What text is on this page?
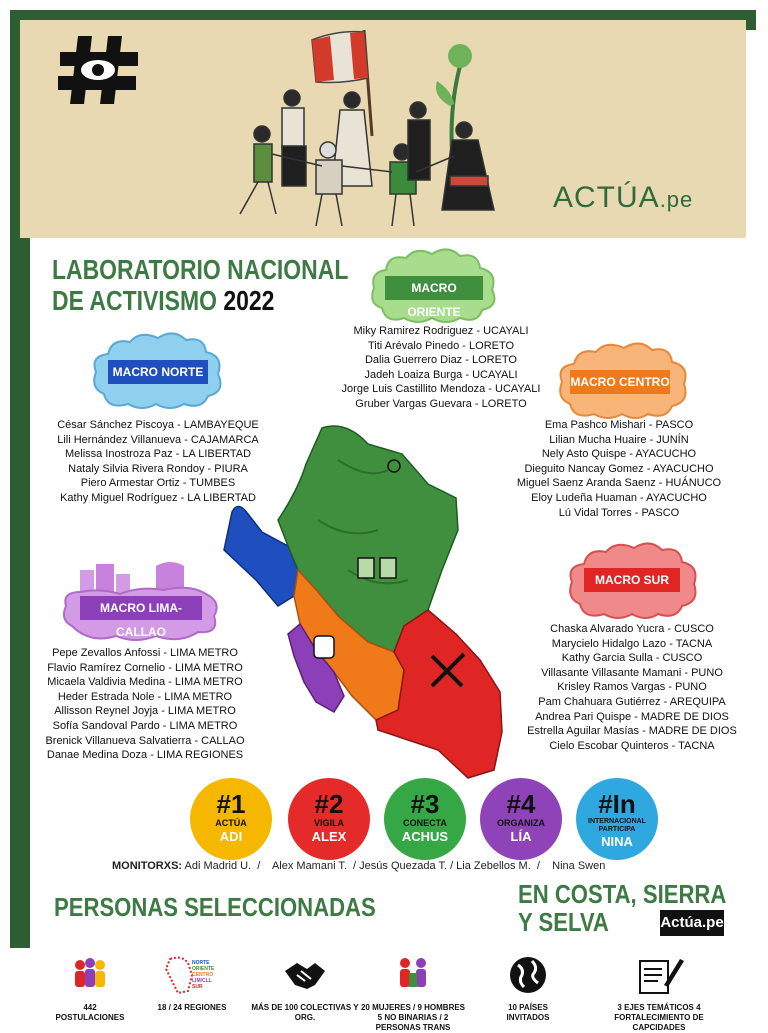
ACTÚA.pe
LABORATORIO NACIONAL
DE ACTIVISMO 2022	MACRO ORIENTE
Miky Ramirez Rodriguez - UCAYALI
Titi Arévalo Pinedo - LORETO
Dalia Guerrero Diaz - LORETO
Jadeh Loaiza Burga - UCAYALI
Jorge Luis Castillito Mendoza - UCAYALI
Gruber Vargas Guevara - LORETO
MACRO NORTE
César Sánchez Piscoya - LAMBAYEQUE
Lili Hernández Villanueva - CAJAMARCA
Melissa Inostroza Paz - LA LIBERTAD
Nataly Silvia Rivera Rondoy - PIURA
Piero Armestar Ortiz - TUMBES
Kathy Miguel Rodríguez - LA LIBERTAD
MACRO CENTRO
Ema Pashco Mishari - PASCO
Lilian Mucha Huaire - JUNÍN
Nely Asto Quispe - AYACUCHO
Dieguito Nancay Gomez - AYACUCHO
Miguel Saenz Aranda Saenz - HUÁNUCO
Eloy Ludeña Huaman - AYACUCHO
Lú Vidal Torres - PASCO
MACRO SUR
Chaska Alvarado Yucra - CUSCO
Marycielo Hidalgo Lazo - TACNA
Kathy Garcia Sulla - CUSCO
Villasante Villasante Mamani - PUNO
Krisley Ramos Vargas - PUNO
Pam Chahuara Gutiérrez - AREQUIPA
Andrea Pari Quispe - MADRE DE DIOS
Estrella Aguilar Masías - MADRE DE DIOS
Cielo Escobar Quinteros - TACNA
MACRO LIMA-CALLAO
Pepe Zevallos Anfossi - LIMA METRO
Flavio Ramírez Cornelio - LIMA METRO
Micaela Valdivia Medina - LIMA METRO
Heder Estrada Nole - LIMA METRO
Allisson Reynel Joyja - LIMA METRO
Sofía Sandoval Pardo - LIMA METRO
Brenick Villanueva Salvatierra - CALLAO
Danae Medina Doza - LIMA REGIONES
#1
ACTÚA
ADI
#2
VIGILA
ALEX
#3
CONECTA
ACHUS
#4
ORGANIZA
LÍA
#In
INTERNACIONAL PARTICIPA
NINA
MONITORXS: Adi Madrid U.  /    Alex Mamani T.  / Jesús Quezada T. / Lia Zebellos M.  /    Nina Swen
PERSONAS SELECCIONADAS	EN COSTA, SIERRA
Y SELVA	Actúa.pe
442 POSTULACIONES
NORTE
ORIENTE
CENTRO
LIM/CLL
SUR
18 / 24 REGIONES	MÁS DE 100 COLECTIVAS Y ORG.
20 MUJERES / 9 HOMBRES 5 NO BINARIAS / 2 PERSONAS TRANS
10 PAÍSES INVITADOS
3 EJES TEMÁTICOS 4 FORTALECIMIENTO DE CAPCIDADES
